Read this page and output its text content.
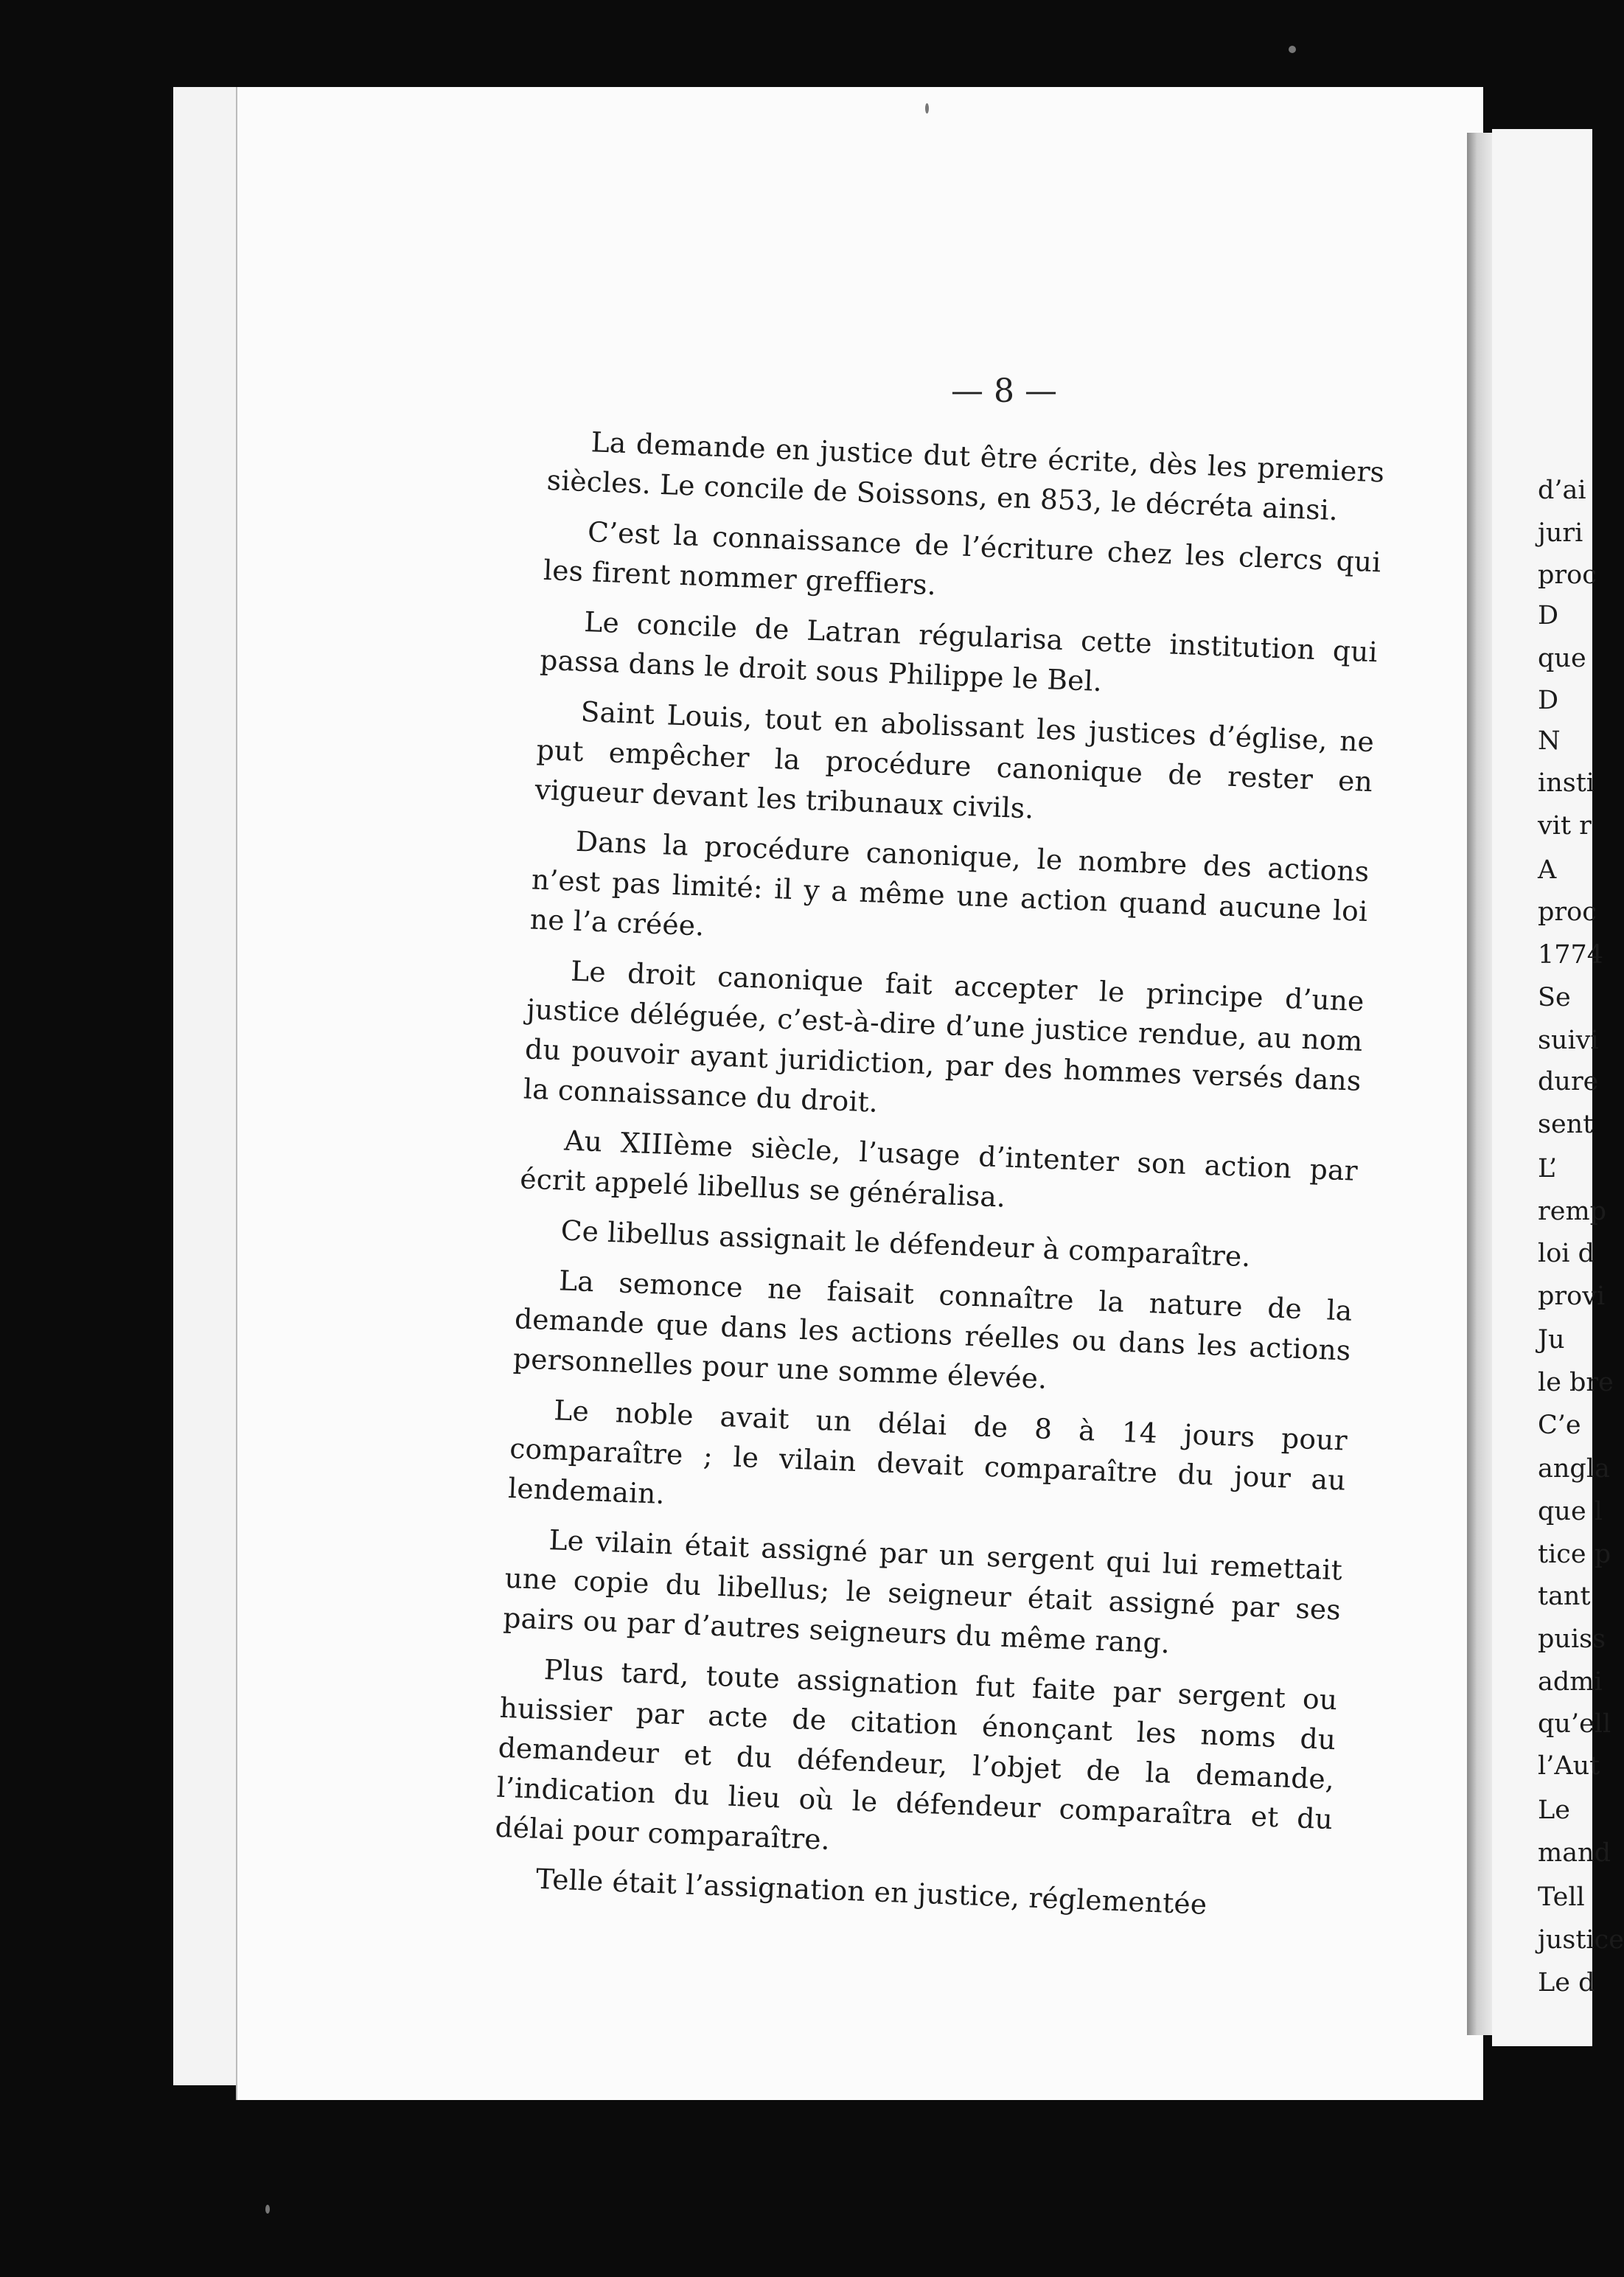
— 8 —

La demande en justice dut être écrite, dès les premiers siècles. Le concile de Soissons, en 853, le décréta ainsi.

C’est la connaissance de l’écriture chez les clercs qui les firent nommer greffiers.

Le concile de Latran régularisa cette institution qui passa dans le droit sous Philippe le Bel.

Saint Louis, tout en abolissant les justices d’église, ne put empêcher la procédure canonique de rester en vigueur devant les tribunaux civils.

Dans la procédure canonique, le nombre des actions n’est pas limité: il y a même une action quand aucune loi ne l’a créée.

Le droit canonique fait accepter le principe d’une justice déléguée, c’est-à-dire d’une justice rendue, au nom du pouvoir ayant juridiction, par des hommes versés dans la connaissance du droit.

Au XIIIème siècle, l’usage d’intenter son action par écrit appelé libellus se généralisa.

Ce libellus assignait le défendeur à comparaître.

La semonce ne faisait connaître la nature de la demande que dans les actions réelles ou dans les actions personnelles pour une somme élevée.

Le noble avait un délai de 8 à 14 jours pour comparaître ; le vilain devait comparaître du jour au lendemain.

Le vilain était assigné par un sergent qui lui remettait une copie du libellus; le seigneur était assigné par ses pairs ou par d’autres seigneurs du même rang.

Plus tard, toute assignation fut faite par sergent ou huissier par acte de citation énonçant les noms du demandeur et du défendeur, l’objet de la demande, l’indication du lieu où le défendeur comparaîtra et du délai pour comparaître.

Telle était l’assignation en justice, réglementée

d’ai
juri
proc
D
que
D
N
insti
vit r
A
proc
1774
Se
suivi
dure
sent
L’
remp
loi d
provi
Ju
le bre
C’e
angla
que l
tice p
tant
puiss
admi
qu’ell
l’Aut
Le
mand
Tell
justice
Le d
